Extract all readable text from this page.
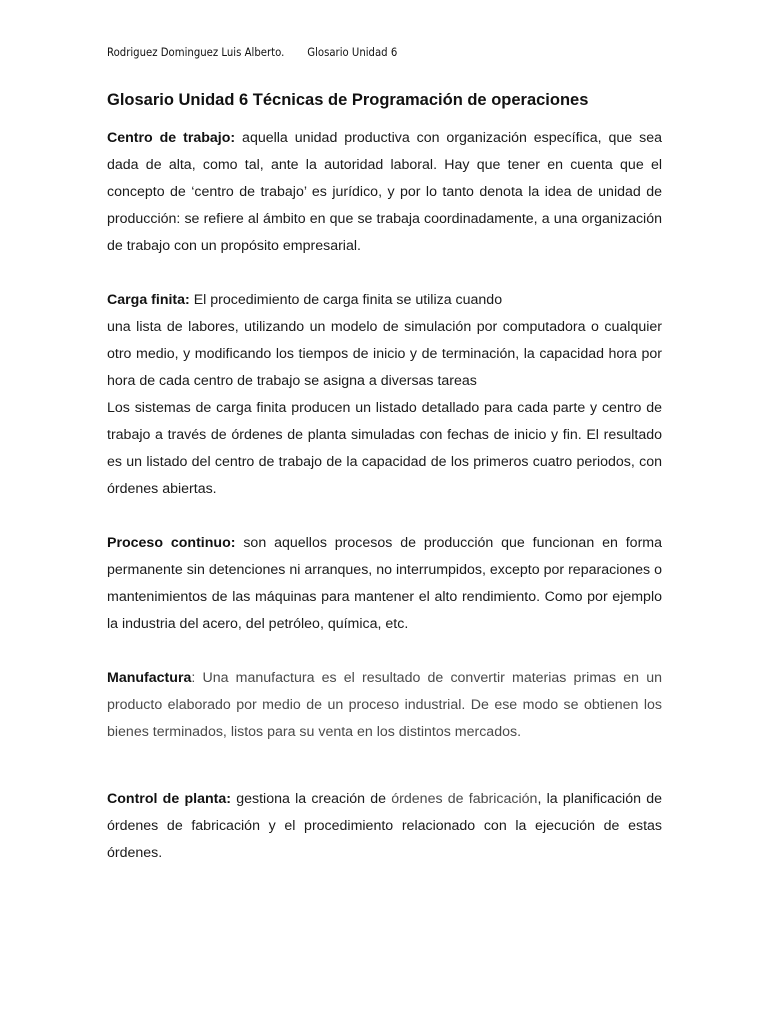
Rodriguez Dominguez Luis Alberto. Glosario Unidad 6
Glosario Unidad 6 Técnicas de Programación de operaciones

Centro de trabajo: aquella unidad productiva con organización específica, que sea dada de alta, como tal, ante la autoridad laboral. Hay que tener en cuenta que el concepto de ‘centro de trabajo’ es jurídico, y por lo tanto denota la idea de unidad de producción: se refiere al ámbito en que se trabaja coordinadamente, a una organización de trabajo con un propósito empresarial.

Carga finita: El procedimiento de carga finita se utiliza cuando

una lista de labores, utilizando un modelo de simulación por computadora o cualquier otro medio, y modificando los tiempos de inicio y de terminación, la capacidad hora por hora de cada centro de trabajo se asigna a diversas tareas

Los sistemas de carga finita producen un listado detallado para cada parte y centro de trabajo a través de órdenes de planta simuladas con fechas de inicio y fin. El resultado es un listado del centro de trabajo de la capacidad de los primeros cuatro periodos, con órdenes abiertas.

Proceso continuo: son aquellos procesos de producción que funcionan en forma permanente sin detenciones ni arranques, no interrumpidos, excepto por reparaciones o mantenimientos de las máquinas para mantener el alto rendimiento. Como por ejemplo la industria del acero, del petróleo, química, etc.

Manufactura: Una manufactura es el resultado de convertir materias primas en un producto elaborado por medio de un proceso industrial. De ese modo se obtienen los bienes terminados, listos para su venta en los distintos mercados.

Control de planta: gestiona la creación de órdenes de fabricación, la planificación de órdenes de fabricación y el procedimiento relacionado con la ejecución de estas órdenes.
